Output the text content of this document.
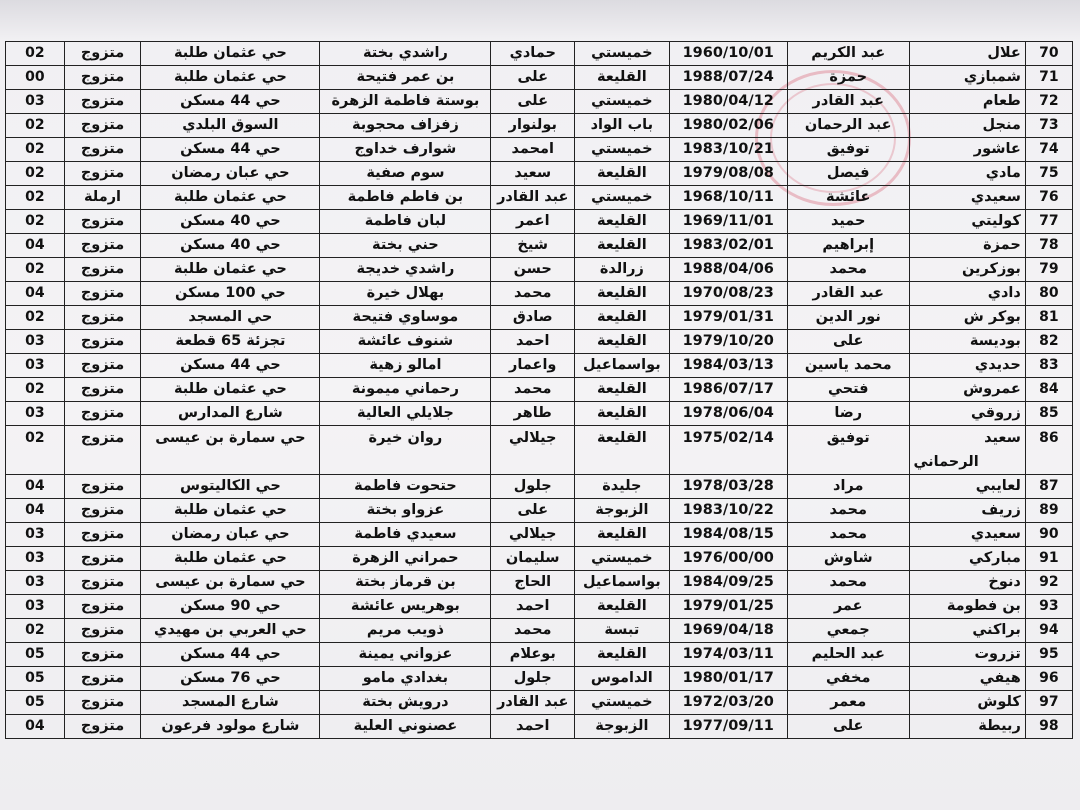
70	علال	عبد الكريم	1960/10/01	خميستي	حمادي	راشدي بختة	حي عثمان طلبة	متزوج	02
71	شمبازي	حمزة	1988/07/24	القليعة	على	بن عمر فتيحة	حي عثمان طلبة	متزوج	00
72	طعام	عبد القادر	1980/04/12	خميستي	على	بوستة فاطمة الزهرة	حي 44 مسكن	متزوج	03
73	منجل	عبد الرحمان	1980/02/06	باب الواد	بولنوار	زفزاف محجوبة	السوق البلدي	متزوج	02
74	عاشور	توفيق	1983/10/21	خميستي	امحمد	شوارف خداوج	حي 44 مسكن	متزوج	02
75	مادي	فيصل	1979/08/08	القليعة	سعيد	سوم صفية	حي عبان رمضان	متزوج	02
76	سعيدي	عائشة	1968/10/11	خميستي	عبد القادر	بن فاطم فاطمة	حي عثمان طلبة	ارملة	02
77	كوليتي	حميد	1969/11/01	القليعة	اعمر	لبان فاطمة	حي 40 مسكن	متزوج	02
78	حمزة	إبراهيم	1983/02/01	القليعة	شيخ	حني بختة	حي 40 مسكن	متزوج	04
79	بوزكرين	محمد	1988/04/06	زرالدة	حسن	راشدي خديجة	حي عثمان طلبة	متزوج	02
80	دادي	عبد القادر	1970/08/23	القليعة	محمد	بهلال خيرة	حي 100 مسكن	متزوج	04
81	بوكر ش	نور الدين	1979/01/31	القليعة	صادق	موساوي فتيحة	حي المسجد	متزوج	02
82	بوديسة	على	1979/10/20	القليعة	احمد	شنوف عائشة	تجزئة 65 قطعة	متزوج	03
83	حديدي	محمد ياسين	1984/03/13	بواسماعيل	واعمار	امالو زهية	حي 44 مسكن	متزوج	03
84	عمروش	فتحي	1986/07/17	القليعة	محمد	رحماني ميمونة	حي عثمان طلبة	متزوج	02
85	زروقي	رضا	1978/06/04	القليعة	طاهر	جلايلي العالية	شارع المدارس	متزوج	03
86	سعيد
الرحماني	توفيق	1975/02/14	القليعة	جيلالي	روان خيرة	حي سمارة بن عيسى	متزوج	02
87	لعايبي	مراد	1978/03/28	جليدة	جلول	حتحوت فاطمة	حي الكاليتوس	متزوج	04
89	زريف	محمد	1983/10/22	الزبوجة	على	عزواو بختة	حي عثمان طلبة	متزوج	04
90	سعيدي	محمد	1984/08/15	القليعة	جيلالي	سعيدي فاطمة	حي عبان رمضان	متزوج	03
91	مباركي	شاوش	1976/00/00	خميستي	سليمان	حمراني الزهرة	حي عثمان طلبة	متزوج	03
92	دنوخ	محمد	1984/09/25	بواسماعيل	الحاج	بن قرماز بختة	حي سمارة بن عيسى	متزوج	03
93	بن فطومة	عمر	1979/01/25	القليعة	احمد	بوهريس عائشة	حي 90 مسكن	متزوج	03
94	براكني	جمعي	1969/04/18	تبسة	محمد	ذويب مريم	حي العربي بن مهيدي	متزوج	02
95	تزروت	عبد الحليم	1974/03/11	القليعة	بوعلام	عزواني يمينة	حي 44 مسكن	متزوج	05
96	هيفي	مخفي	1980/01/17	الداموس	جلول	بغدادي مامو	حي 76 مسكن	متزوج	05
97	كلوش	معمر	1972/03/20	خميستي	عبد القادر	درويش بختة	شارع المسجد	متزوج	05
98	ربيطة	على	1977/09/11	الزبوجة	احمد	عصنوني العلية	شارع مولود فرعون	متزوج	04
